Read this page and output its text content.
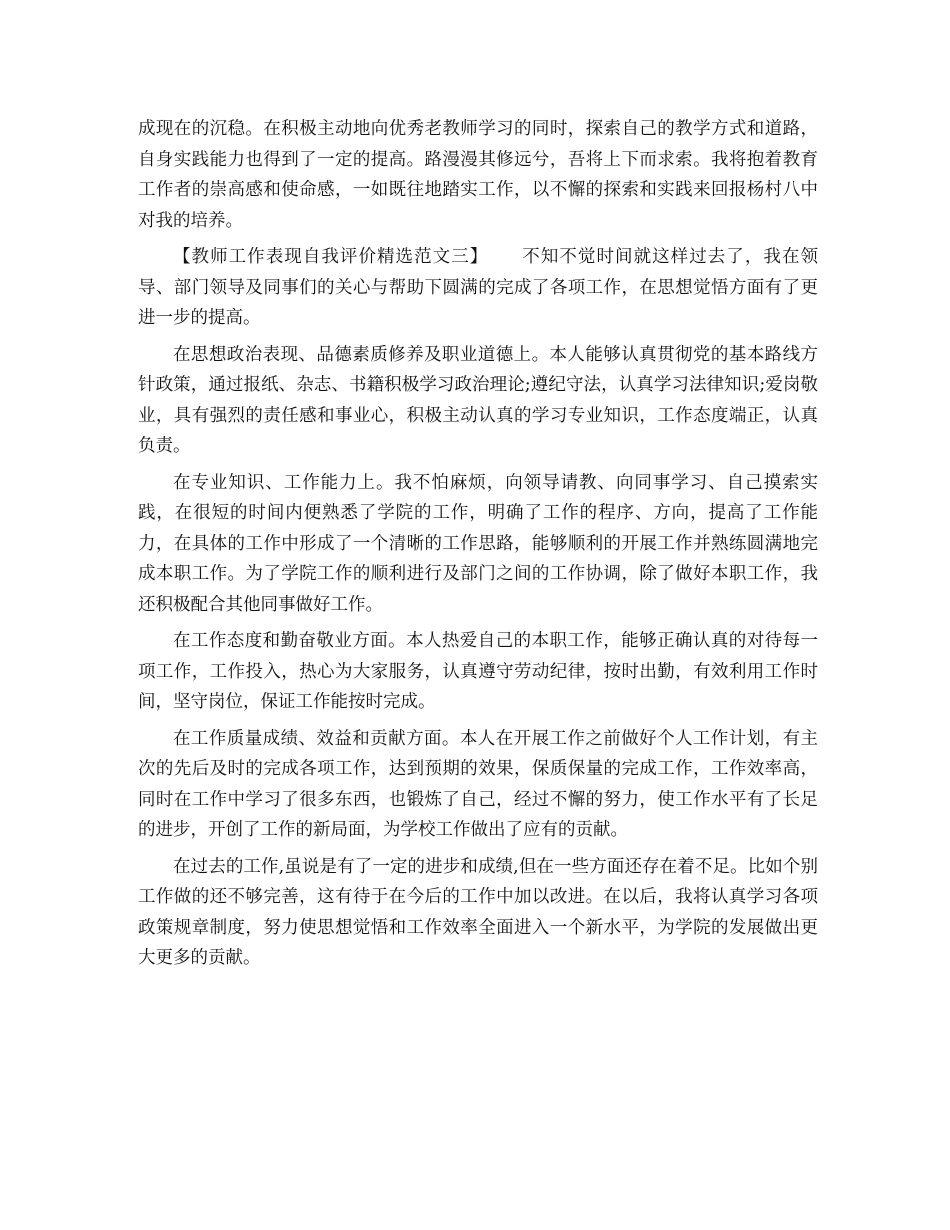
成现在的沉稳。在积极主动地向优秀老教师学习的同时，探索自己的教学方式和道路，自身实践能力也得到了一定的提高。路漫漫其修远兮，吾将上下而求索。我将抱着教育工作者的崇高感和使命感，一如既往地踏实工作，以不懈的探索和实践来回报杨村八中对我的培养。

【教师工作表现自我评价精选范文三】 不知不觉时间就这样过去了，我在领导、部门领导及同事们的关心与帮助下圆满的完成了各项工作，在思想觉悟方面有了更进一步的提高。

在思想政治表现、品德素质修养及职业道德上。本人能够认真贯彻党的基本路线方针政策，通过报纸、杂志、书籍积极学习政治理论;遵纪守法，认真学习法律知识;爱岗敬业，具有强烈的责任感和事业心，积极主动认真的学习专业知识，工作态度端正，认真负责。

在专业知识、工作能力上。我不怕麻烦，向领导请教、向同事学习、自己摸索实践，在很短的时间内便熟悉了学院的工作，明确了工作的程序、方向，提高了工作能力，在具体的工作中形成了一个清晰的工作思路，能够顺利的开展工作并熟练圆满地完成本职工作。为了学院工作的顺利进行及部门之间的工作协调，除了做好本职工作，我还积极配合其他同事做好工作。

在工作态度和勤奋敬业方面。本人热爱自己的本职工作，能够正确认真的对待每一项工作，工作投入，热心为大家服务，认真遵守劳动纪律，按时出勤，有效利用工作时间，坚守岗位，保证工作能按时完成。

在工作质量成绩、效益和贡献方面。本人在开展工作之前做好个人工作计划，有主次的先后及时的完成各项工作，达到预期的效果，保质保量的完成工作，工作效率高，同时在工作中学习了很多东西，也锻炼了自己，经过不懈的努力，使工作水平有了长足的进步，开创了工作的新局面，为学校工作做出了应有的贡献。

在过去的工作,虽说是有了一定的进步和成绩,但在一些方面还存在着不足。比如个别工作做的还不够完善，这有待于在今后的工作中加以改进。在以后，我将认真学习各项政策规章制度，努力使思想觉悟和工作效率全面进入一个新水平，为学院的发展做出更大更多的贡献。
